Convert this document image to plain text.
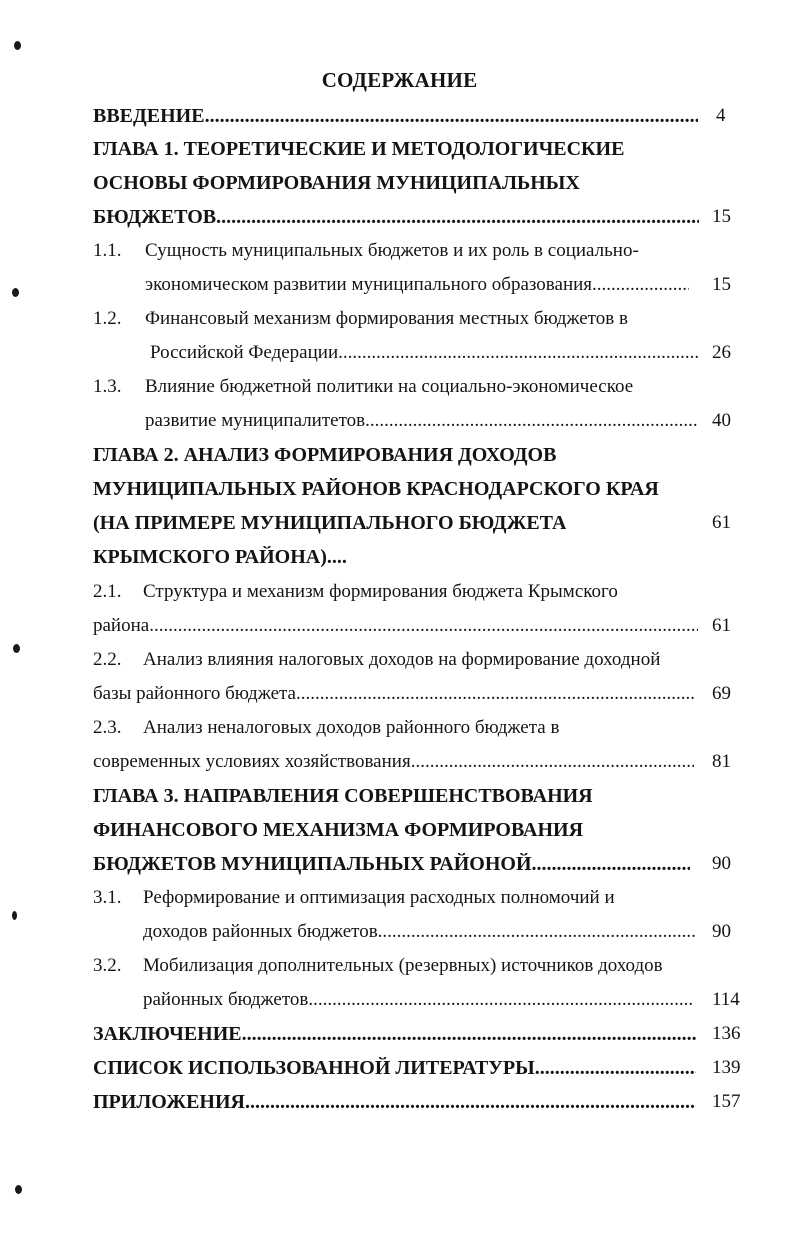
СОДЕРЖАНИЕ
ВВЕДЕНИЕ .....	4
ГЛАВА 1. ТЕОРЕТИЧЕСКИЕ И МЕТОДОЛОГИЧЕСКИЕ
ОСНОВЫ ФОРМИРОВАНИЯ МУНИЦИПАЛЬНЫХ
БЮДЖЕТОВ .....	15
1.1.	Сущность муниципальных бюджетов и их роль в социально-
экономическом развитии муниципального образования .....	15
1.2.	Финансовый механизм формирования местных бюджетов в
Российской Федерации .....	26
1.3.	Влияние бюджетной политики на социально-экономическое
развитие муниципалитетов .....	40
ГЛАВА 2. АНАЛИЗ ФОРМИРОВАНИЯ ДОХОДОВ
МУНИЦИПАЛЬНЫХ РАЙОНОВ КРАСНОДАРСКОГО КРАЯ
(НА ПРИМЕРЕ МУНИЦИПАЛЬНОГО БЮДЖЕТА	61
КРЫМСКОГО РАЙОНА)....
2.1.	Структура и механизм формирования бюджета Крымского
района .....	61
2.2.	Анализ влияния налоговых доходов на формирование доходной
базы районного бюджета .....	69
2.3.	Анализ неналоговых доходов районного бюджета в
современных условиях хозяйствования .....	81
ГЛАВА 3. НАПРАВЛЕНИЯ СОВЕРШЕНСТВОВАНИЯ
ФИНАНСОВОГО МЕХАНИЗМА ФОРМИРОВАНИЯ
БЮДЖЕТОВ МУНИЦИПАЛЬНЫХ РАЙОНОЙ .....	90
3.1.	Реформирование и оптимизация расходных полномочий и
доходов районных бюджетов .....	90
3.2.	Мобилизация дополнительных (резервных) источников доходов
районных бюджетов .....	114
ЗАКЛЮЧЕНИЕ .....	136
СПИСОК ИСПОЛЬЗОВАННОЙ ЛИТЕРАТУРЫ .....	139
ПРИЛОЖЕНИЯ .....	157
